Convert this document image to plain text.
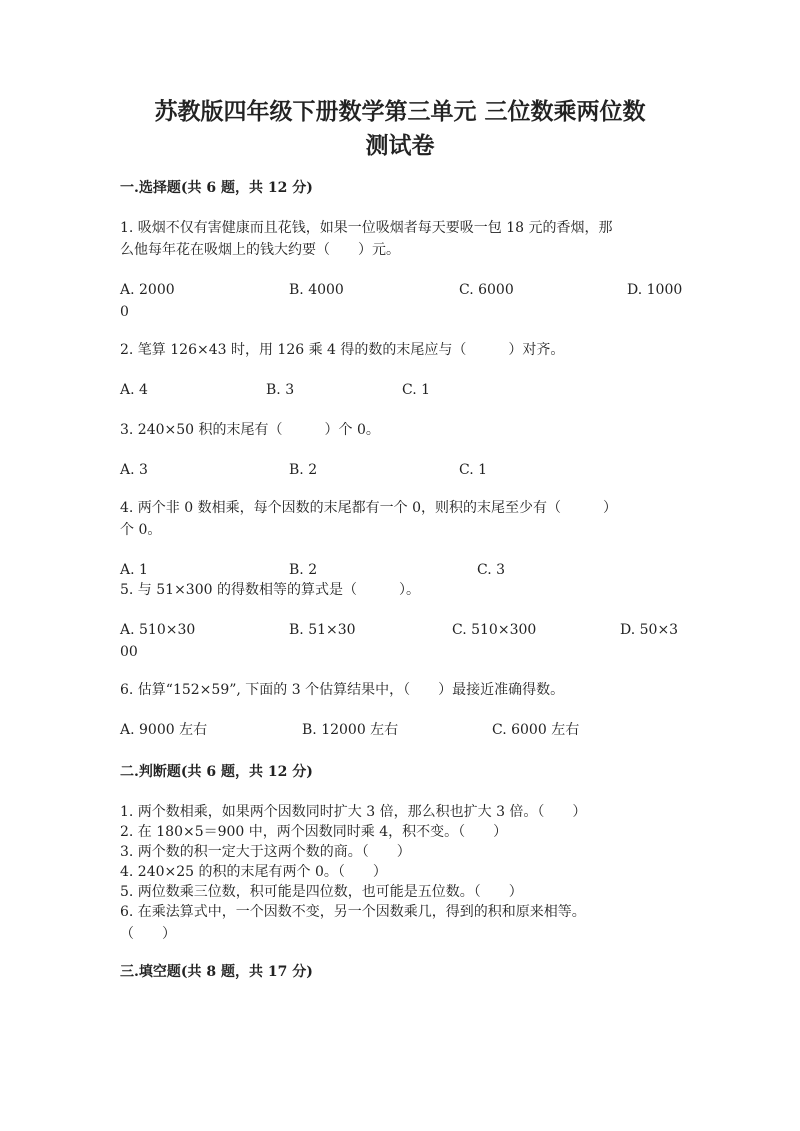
苏教版四年级下册数学第三单元 三位数乘两位数
测试卷
一.选择题(共 6 题，共 12 分)
1. 吸烟不仅有害健康而且花钱，如果一位吸烟者每天要吸一包 18 元的香烟，那
么他每年花在吸烟上的钱大约要（　　）元。
A. 2000	B. 4000	C. 6000	D. 1000
0
2. 笔算 126×43 时，用 126 乘 4 得的数的末尾应与（　　　）对齐。
A. 4	B. 3	C. 1
3. 240×50 积的末尾有（　　　）个 0。
A. 3	B. 2	C. 1
4. 两个非 0 数相乘，每个因数的末尾都有一个 0，则积的末尾至少有（　　　）
个 0。
A. 1	B. 2	C. 3
5. 与 51×300 的得数相等的算式是（　　　）。
A. 510×30	B. 51×30	C. 510×300	D. 50×3
00
6. 估算“152×59”, 下面的 3 个估算结果中，（　　）最接近准确得数。
A. 9000 左右	B. 12000 左右	C. 6000 左右
二.判断题(共 6 题，共 12 分)
1. 两个数相乘，如果两个因数同时扩大 3 倍，那么积也扩大 3 倍。（　　）
2. 在 180×5＝900 中，两个因数同时乘 4，积不变。（　　）
3. 两个数的积一定大于这两个数的商。（　　）
4. 240×25 的积的末尾有两个 0。（　　）
5. 两位数乘三位数，积可能是四位数，也可能是五位数。（　　）
6. 在乘法算式中，一个因数不变，另一个因数乘几，得到的积和原来相等。
（　　）
三.填空题(共 8 题，共 17 分)
